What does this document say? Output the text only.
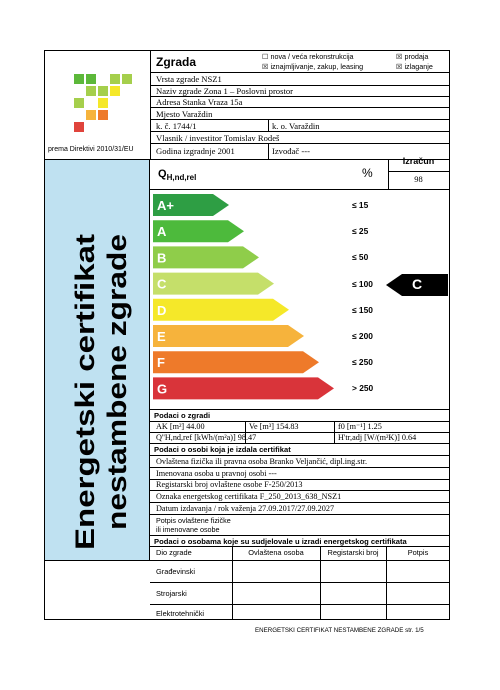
prema Direktivi 2010/31/EU
Zgrada	☐ nova / veća rekonstrukcija	☒ prodaja
☒ iznajmljivanje, zakup, leasing	☒ izlaganje
Vrsta zgrade NSZ1
Naziv zgrade Zona 1 – Poslovni prostor
Adresa Stanka Vraza 15a
Mjesto Varaždin
k. č. 1744/1	k. o. Varaždin
Vlasnik / investitor Tomislav Rodeš
Godina izgradnje 2001	Izvođač ---
Energetski certifikat nestambene zgrade
$Q_{H,nd,rel}$	%
Izračun
98
A+
A
B
C
D
E
F
G
≤ 15
≤ 25
≤ 50
≤ 100
≤ 150
≤ 200
≤ 250
> 250
C
Podaci o zgradi
AK [m²] 44.00	Ve [m³] 154.83	f0 [m⁻¹] 1.25
Q''H,nd,ref [kWh/(m²a)] 98.47	H'tr,adj [W/(m²K)] 0.64
Podaci o osobi koja je izdala certifikat
Ovlaštena fizička ili pravna osoba Branko Veljančić, dipl.ing.str.
Imenovana osoba u pravnoj osobi ---
Registarski broj ovlaštene osobe F-250/2013
Oznaka energetskog certifikata F_250_2013_638_NSZ1
Datum izdavanja / rok važenja 27.09.2017/27.09.2027
Potpis ovlaštene fizičke
ili imenovane osobe
Podaci o osobama koje su sudjelovale u izradi energetskog certifikata
Dio zgrade	Ovlaštena osoba	Registarski broj	Potpis
Građevinski
Strojarski
Elektrotehnički
ENERGETSKI CERTIFIKAT NESTAMBENE ZGRADE str. 1/5
